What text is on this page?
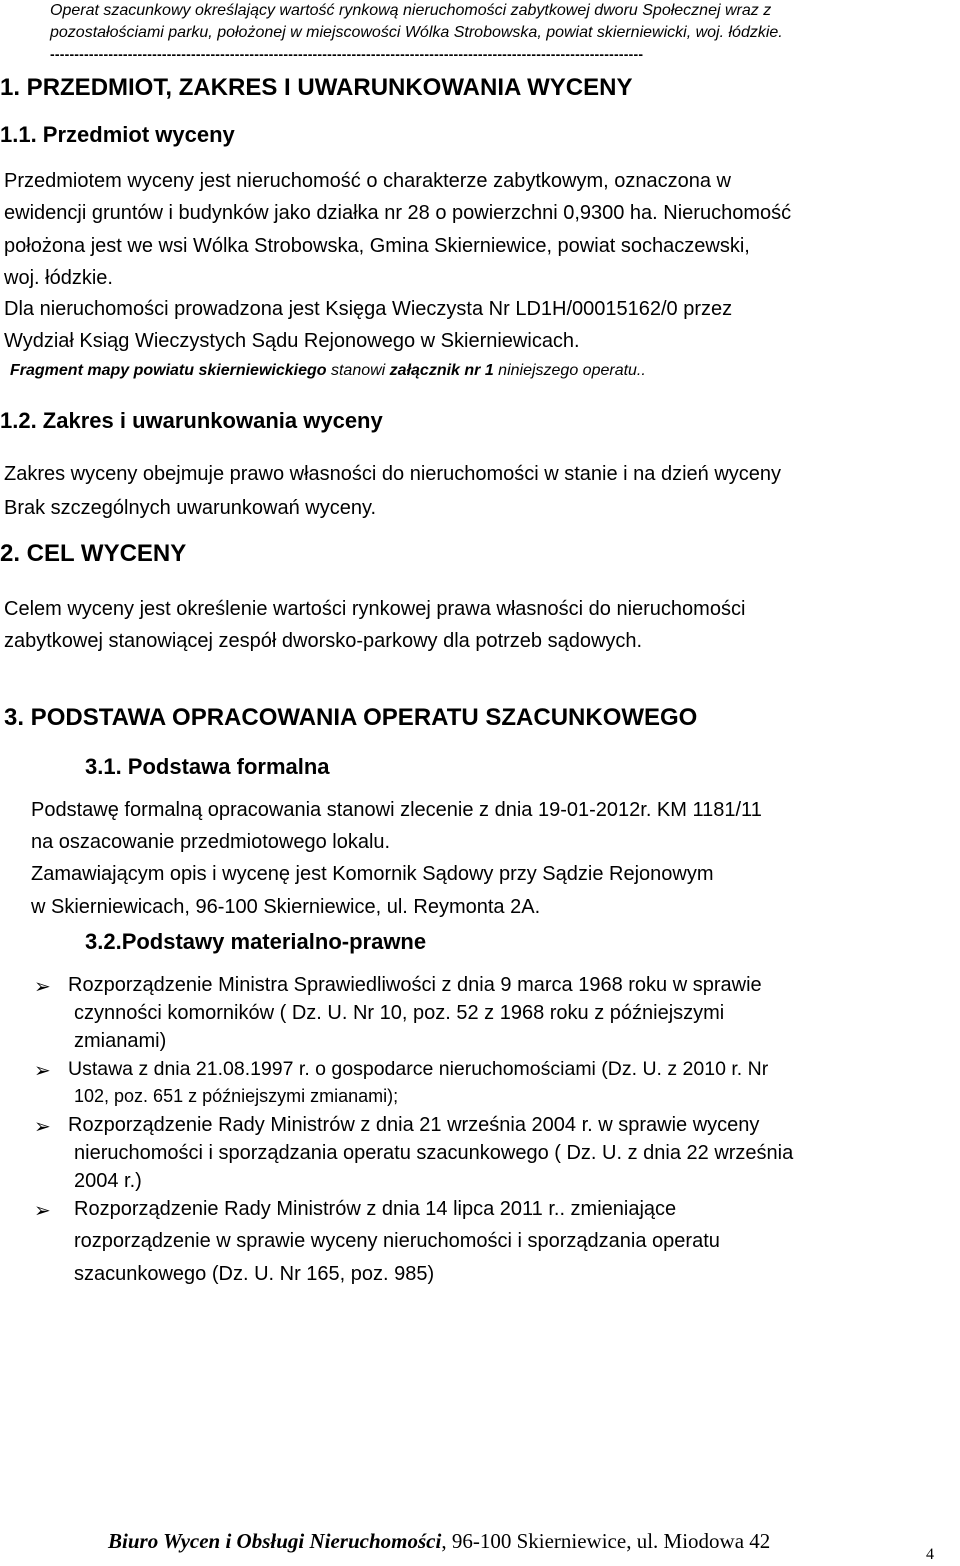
Operat szacunkowy określający wartość rynkową nieruchomości zabytkowej dworu Społecznej wraz z
pozostałościami parku, położonej w miejscowości Wólka Strobowska, powiat skierniewicki, woj. łódzkie.
--------------------------------------------------------------------------------------------------------------------------
1. PRZEDMIOT, ZAKRES I UWARUNKOWANIA WYCENY
1.1. Przedmiot wyceny
Przedmiotem wyceny jest nieruchomość o charakterze zabytkowym, oznaczona w
ewidencji gruntów i budynków jako działka nr 28 o powierzchni 0,9300 ha. Nieruchomość
położona jest we wsi Wólka Strobowska, Gmina Skierniewice, powiat sochaczewski,
woj. łódzkie.
Dla nieruchomości prowadzona jest Księga Wieczysta Nr LD1H/00015162/0 przez
Wydział Ksiąg Wieczystych Sądu Rejonowego w Skierniewicach.
Fragment mapy powiatu skierniewickiego stanowi załącznik nr 1 niniejszego operatu..
1.2. Zakres i uwarunkowania wyceny
Zakres wyceny obejmuje prawo własności do nieruchomości w stanie i na dzień wyceny
Brak szczególnych uwarunkowań wyceny.
2. CEL WYCENY
Celem wyceny jest określenie wartości rynkowej prawa własności do nieruchomości
zabytkowej stanowiącej zespół dworsko-parkowy dla potrzeb sądowych.
3. PODSTAWA OPRACOWANIA OPERATU SZACUNKOWEGO
3.1. Podstawa formalna
Podstawę formalną opracowania stanowi zlecenie z dnia 19-01-2012r. KM 1181/11
na oszacowanie przedmiotowego lokalu.
Zamawiającym opis i wycenę jest Komornik Sądowy przy Sądzie Rejonowym
w Skierniewicach, 96-100 Skierniewice, ul. Reymonta 2A.
3.2.Podstawy materialno-prawne
➢ Rozporządzenie Ministra Sprawiedliwości z dnia 9 marca 1968 roku w sprawie
czynności komorników ( Dz. U. Nr 10, poz. 52 z 1968 roku z późniejszymi
zmianami)
➢ Ustawa z dnia 21.08.1997 r. o gospodarce nieruchomościami (Dz. U. z 2010 r. Nr
102, poz. 651 z późniejszymi zmianami);
➢ Rozporządzenie Rady Ministrów z dnia 21 września 2004 r. w sprawie wyceny
nieruchomości i sporządzania operatu szacunkowego ( Dz. U. z dnia 22 września
2004 r.)
➢ Rozporządzenie Rady Ministrów z dnia 14 lipca 2011 r.. zmieniające
rozporządzenie w sprawie wyceny nieruchomości i sporządzania operatu
szacunkowego (Dz. U. Nr 165, poz. 985)
Biuro Wycen i Obsługi Nieruchomości, 96-100 Skierniewice, ul. Miodowa 42
4
